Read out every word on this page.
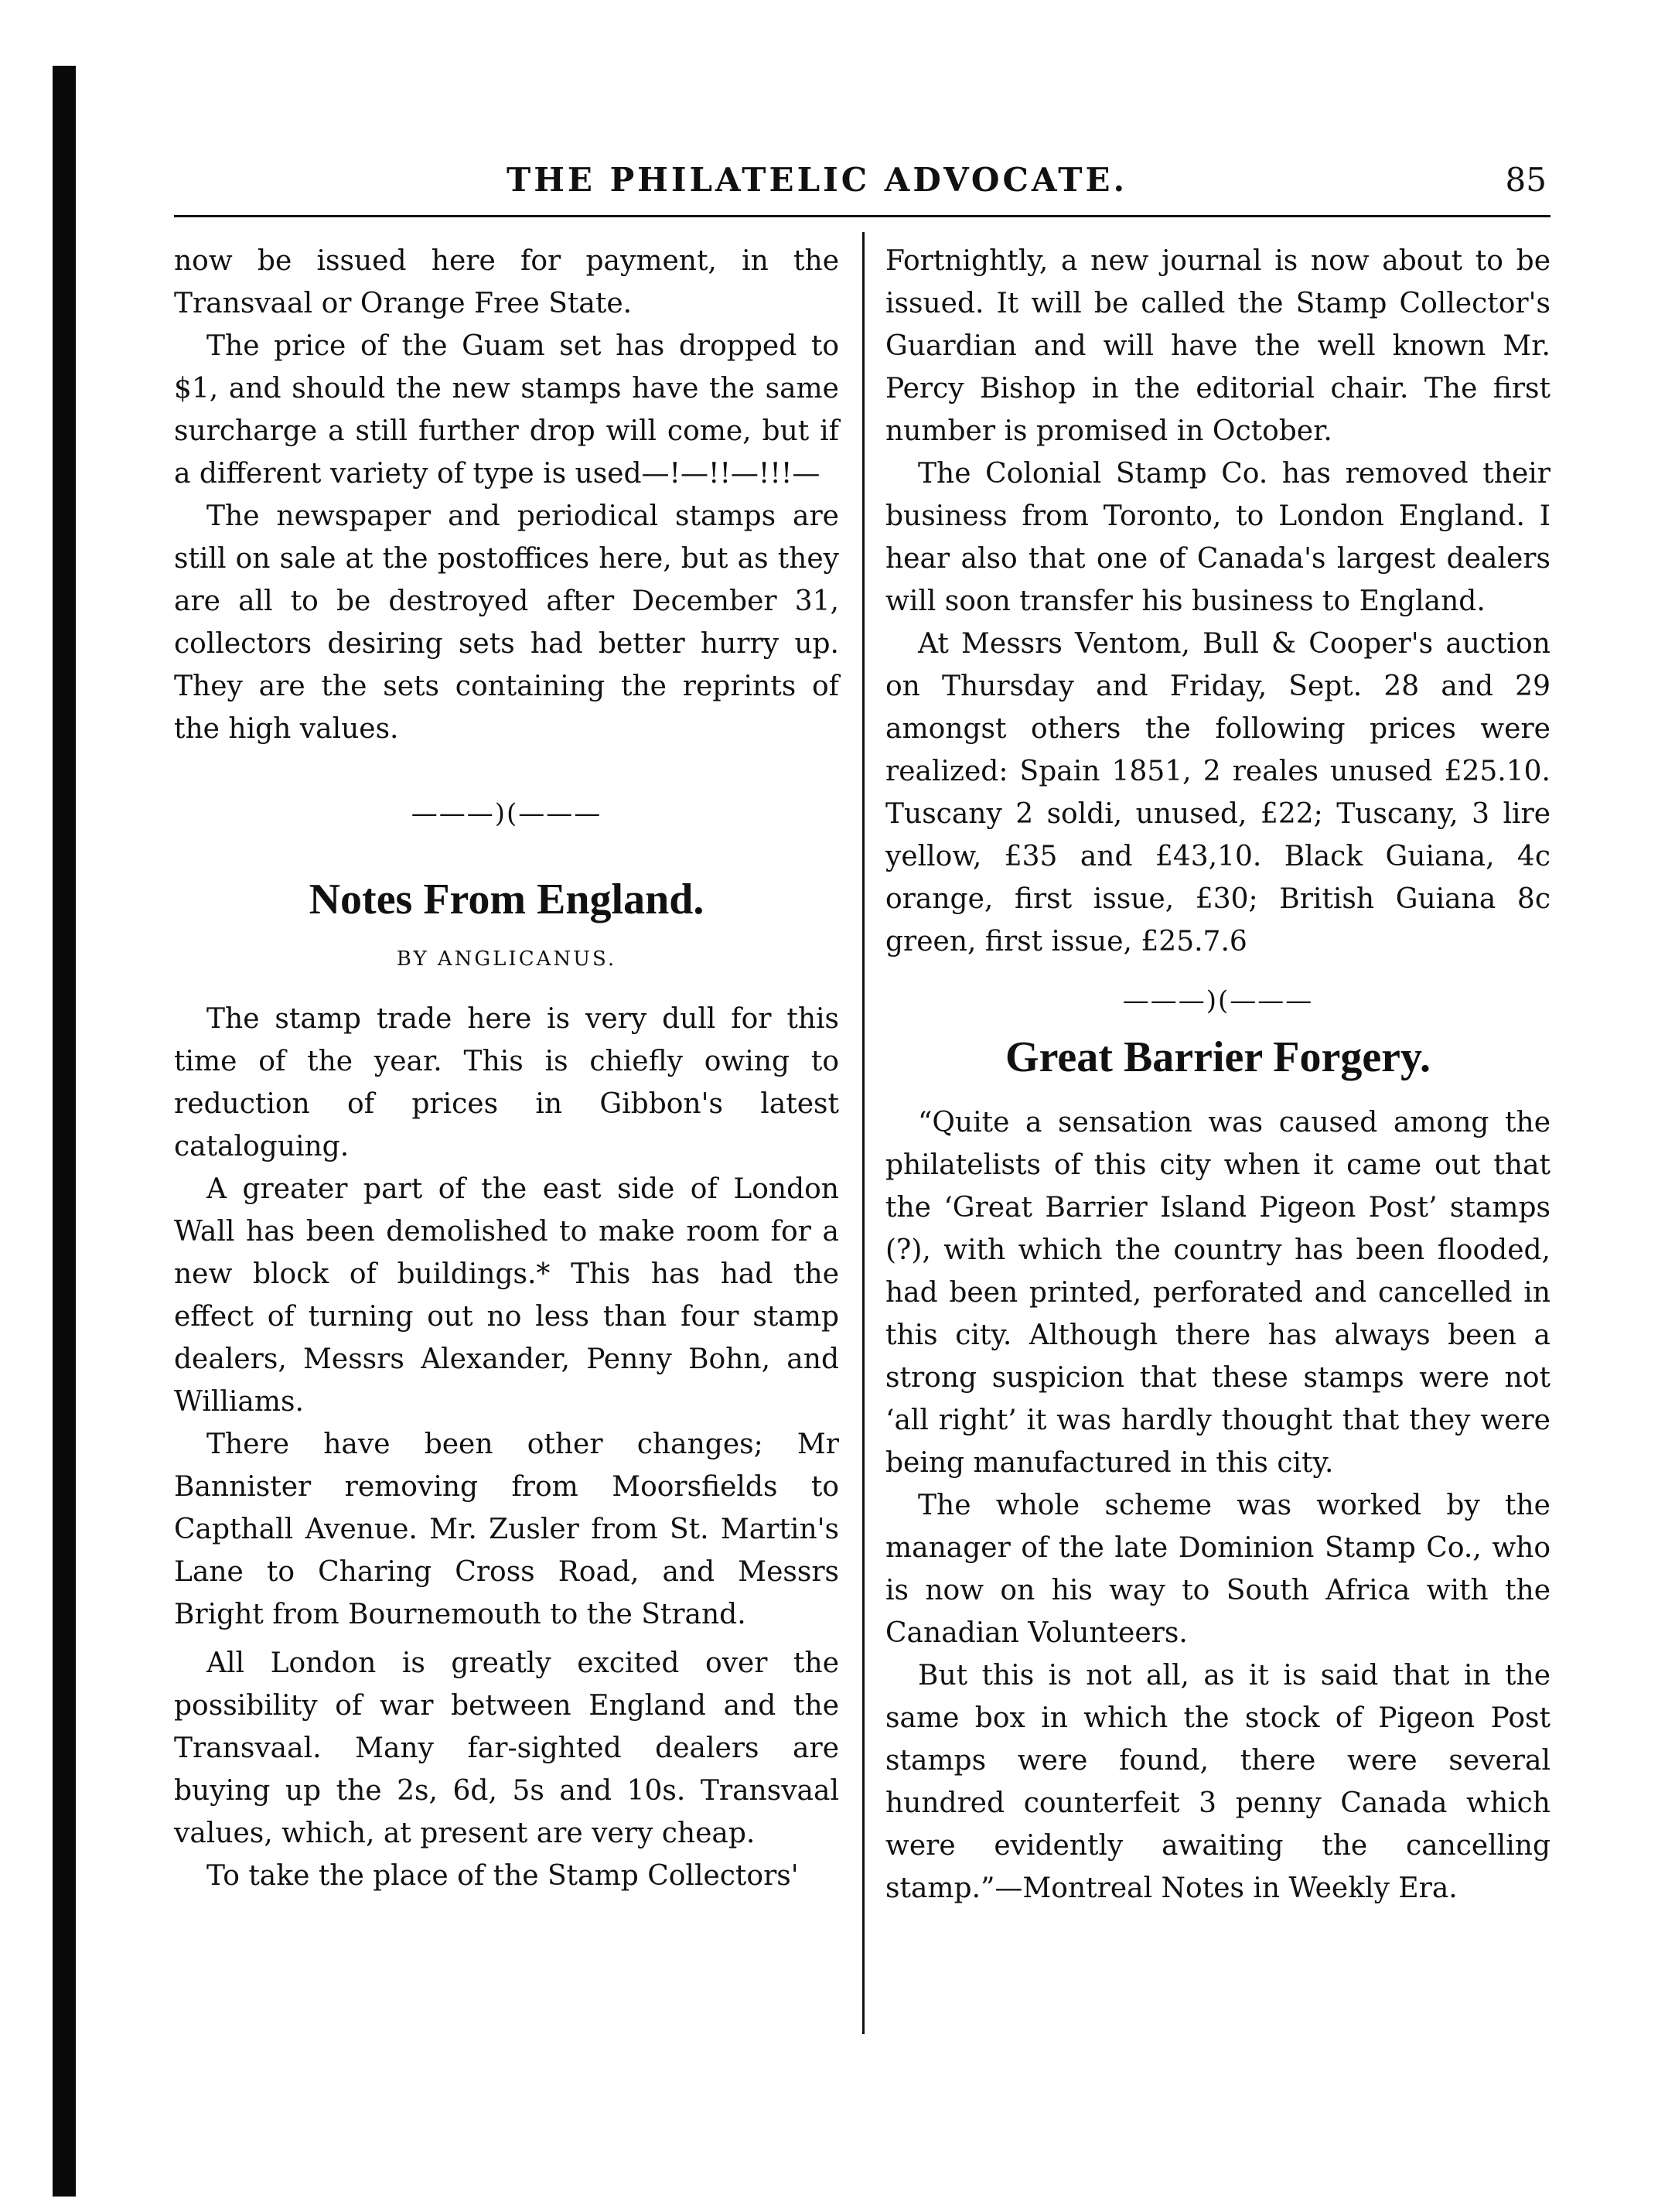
THE PHILATELIC ADVOCATE.	85

now be issued here for payment, in the Transvaal or Orange Free State.

The price of the Guam set has dropped to $1, and should the new stamps have the same surcharge a still further drop will come, but if a different variety of type is used—!—!!—!!!—

The newspaper and periodical stamps are still on sale at the postoffices here, but as they are all to be destroyed after December 31, collectors desiring sets had better hurry up. They are the sets containing the reprints of the high values.

———)(———
Notes From England.
BY ANGLICANUS.

The stamp trade here is very dull for this time of the year. This is chiefly owing to reduction of prices in Gibbon's latest cataloguing.

A greater part of the east side of London Wall has been demolished to make room for a new block of buildings.* This has had the effect of turning out no less than four stamp dealers, Messrs Alexander, Penny Bohn, and Williams.

There have been other changes; Mr Bannister removing from Moorsfields to Capthall Avenue. Mr. Zusler from St. Martin's Lane to Charing Cross Road, and Messrs Bright from Bournemouth to the Strand.

All London is greatly excited over the possibility of war between England and the Transvaal. Many far-sighted dealers are buying up the 2s, 6d, 5s and 10s. Transvaal values, which, at present are very cheap.

To take the place of the Stamp Collectors'

Fortnightly, a new journal is now about to be issued. It will be called the Stamp Collector's Guardian and will have the well known Mr. Percy Bishop in the editorial chair. The first number is promised in October.

The Colonial Stamp Co. has removed their business from Toronto, to London England. I hear also that one of Canada's largest dealers will soon transfer his business to England.

At Messrs Ventom, Bull & Cooper's auction on Thursday and Friday, Sept. 28 and 29 amongst others the following prices were realized: Spain 1851, 2 reales unused £25.10. Tuscany 2 soldi, unused, £22; Tuscany, 3 lire yellow, £35 and £43,10. Black Guiana, 4c orange, first issue, £30; British Guiana 8c green, first issue, £25.7.6

———)(———
Great Barrier Forgery.

“Quite a sensation was caused among the philatelists of this city when it came out that the ‘Great Barrier Island Pigeon Post’ stamps (?), with which the country has been flooded, had been printed, perforated and cancelled in this city. Although there has always been a strong suspicion that these stamps were not ‘all right’ it was hardly thought that they were being manufactured in this city.

The whole scheme was worked by the manager of the late Dominion Stamp Co., who is now on his way to South Africa with the Canadian Volunteers.

But this is not all, as it is said that in the same box in which the stock of Pigeon Post stamps were found, there were several hundred counterfeit 3 penny Canada which were evidently awaiting the cancelling stamp.”—Montreal Notes in Weekly Era.
